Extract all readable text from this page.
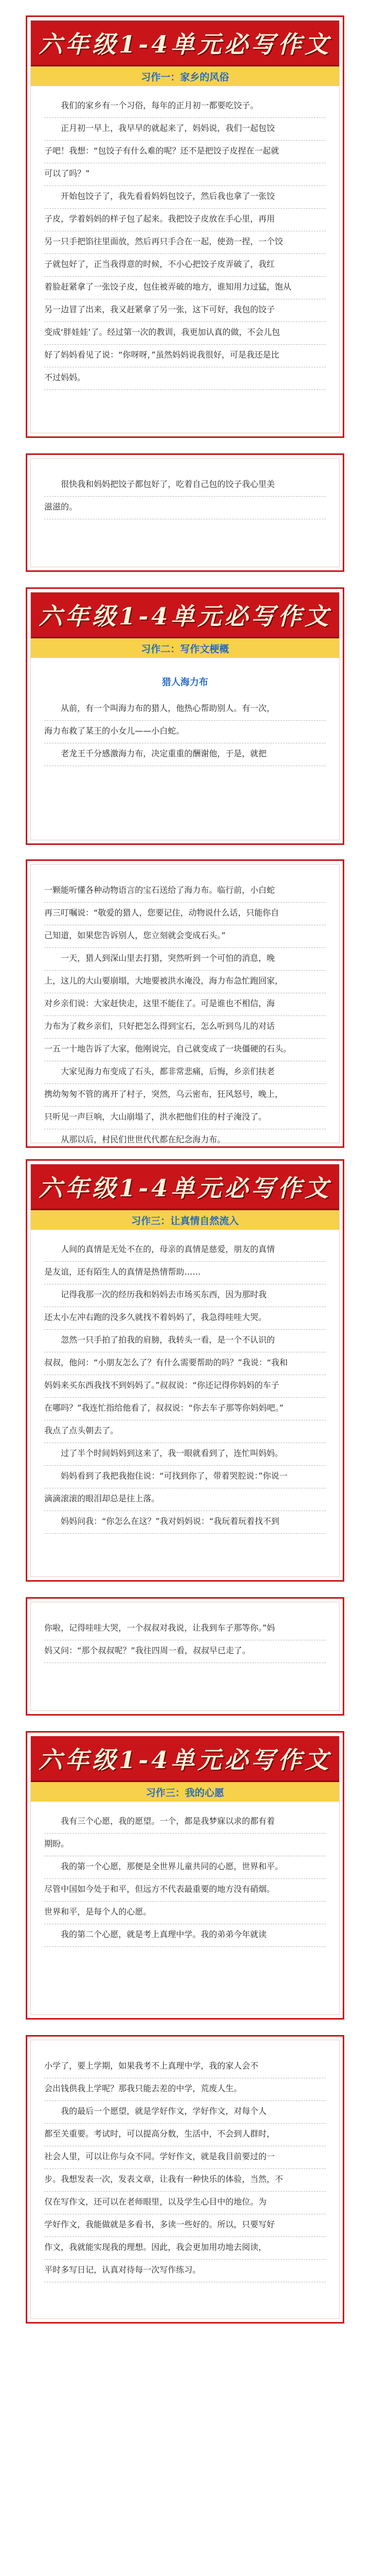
六年级1-4单元必写作文
习作一：家乡的风俗
　　我们的家乡有一个习俗，每年的正月初一都要吃饺子。
　　正月初一早上，我早早的就起来了，妈妈说，我们一起包饺
子吧！我想：“包饺子有什么难的呢？还不是把饺子皮捏在一起就
可以了吗？”
　　开始包饺子了，我先看看妈妈包饺子，然后我也拿了一张饺
子皮，学着妈妈的样子包了起来。我把饺子皮放在手心里，再用
另一只手把馅往里面放，然后再只手合在一起，使劲一捏，一个饺
子就包好了，正当我得意的时候，不小心把饺子皮弄破了，我红
着脸赶紧拿了一张饺子皮，包住被弄破的地方，谁知用力过猛，饱从
另一边冒了出来，我又赶紧拿了另一张，这下可好，我包的饺子
变成‘胖娃娃’了。经过第一次的教训，我更加认真的做，不会儿包
好了妈妈看见了说：“你呀呀，”虽然妈妈说我很好，可是我还是比
不过妈妈。
　　很快我和妈妈把饺子都包好了，吃着自己包的饺子我心里美
滋滋的。
六年级1-4单元必写作文
习作二：写作文梗概
猎人海力布
　　从前，有一个叫海力布的猎人，他热心帮助别人。有一次，
海力布救了某王的小女儿——小白蛇。
　　老龙王千分感激海力布，决定重重的酬谢他，于是，就把
一颗能听懂各种动物语言的宝石送给了海力布。临行前，小白蛇
再三叮嘱说：“敬爱的猎人，您要记住，动物说什么话，只能你自
己知道，如果您告诉别人，您立刻就会变成石头。”
　　一天，猎人到深山里去打猎，突然听到一个可怕的消息，晚
上，这儿的大山要崩塌，大地要被洪水淹没，海力布急忙跑回家，
对乡亲们说：大家赶快走，这里不能住了。可是谁也不相信，海
力布为了救乡亲们，只好把怎么得到宝石，怎么听到鸟儿的对话
一五一十地告诉了大家，他刚说完，自己就变成了一块僵硬的石头。
　　大家见海力布变成了石头，都非常悲痛，后悔，乡亲们扶老
携幼匆匆不管的离开了村子，突然，乌云密布，狂风怒号，晚上，
只听见一声巨响，大山崩塌了，洪水把他们住的村子淹没了。
　　从那以后，村民们世世代代都在纪念海力布。
六年级1-4单元必写作文
习作三：让真情自然流入
　　人间的真情是无处不在的，母亲的真情是慈爱，朋友的真情
是友谊，还有陌生人的真情是热情帮助……
　　记得我那一次的经历我和妈妈去市场买东西，因为那时我
还太小左冲右跑的没多久就找不着妈妈了，我急得哇哇大哭。
　　忽然一只手拍了拍我的肩膀，我转头一看，是一个不认识的
叔叔，他问：“小朋友怎么了？有什么需要帮助的吗？”我说：“我和
妈妈来买东西我找不到妈妈了。”叔叔说：“你还记得你妈妈的车子
在哪吗？”我连忙指给他看了，叔叔说：“你去车子那等你妈妈吧。”
我点了点头朝去了。
　　过了半个时间妈妈到这来了，我一眼就看到了，连忙叫妈妈。
　　妈妈看到了我把我抱住说：“可找到你了，带着哭腔说：”你说一
滴滴滚滚的眼泪却总是往上落。
　　妈妈问我：“你怎么在这？”我对妈妈说：“我玩着玩着找不到
你啦，记得哇哇大哭，一个叔叔对我说，让我到车子那等你。”妈
妈又问：“那个叔叔呢？”我往四周一看，叔叔早已走了。
六年级1-4单元必写作文
习作三：我的心愿
　　我有三个心愿，我的愿望。一个，都是我梦寐以求的都有着
期盼。
　　我的第一个心愿，那便是全世界儿童共同的心愿，世界和平。
尽管中国如今处于和平，但远方不代表最重要的地方没有硝烟。
世界和平，是每个人的心愿。
　　我的第二个心愿，就是考上真理中学。我的弟弟今年就读
小学了，要上学期，如果我考不上真理中学，我的家人会不
会出钱供我上学呢？那我只能去差的中学，荒废人生。
　　我的最后一个愿望，就是学好作文，学好作文，对每个人
都至关重要。考试时，可以提高分数，生活中，不会到人群时，
社会人里，可以让你与众不同。学好作文，就是我目前要过的一
步。我想发表一次，发表文章，让我有一种快乐的体验，当然，不
仅在写作文，还可以在老师眼里，以及学生心目中的地位。为
学好作文，我能做就是多看书，多读一些好的。所以，只要写好
作文，我就能实现我的理想。因此，我会更加用功地去阅读，
平时多写日记，认真对待每一次写作练习。
